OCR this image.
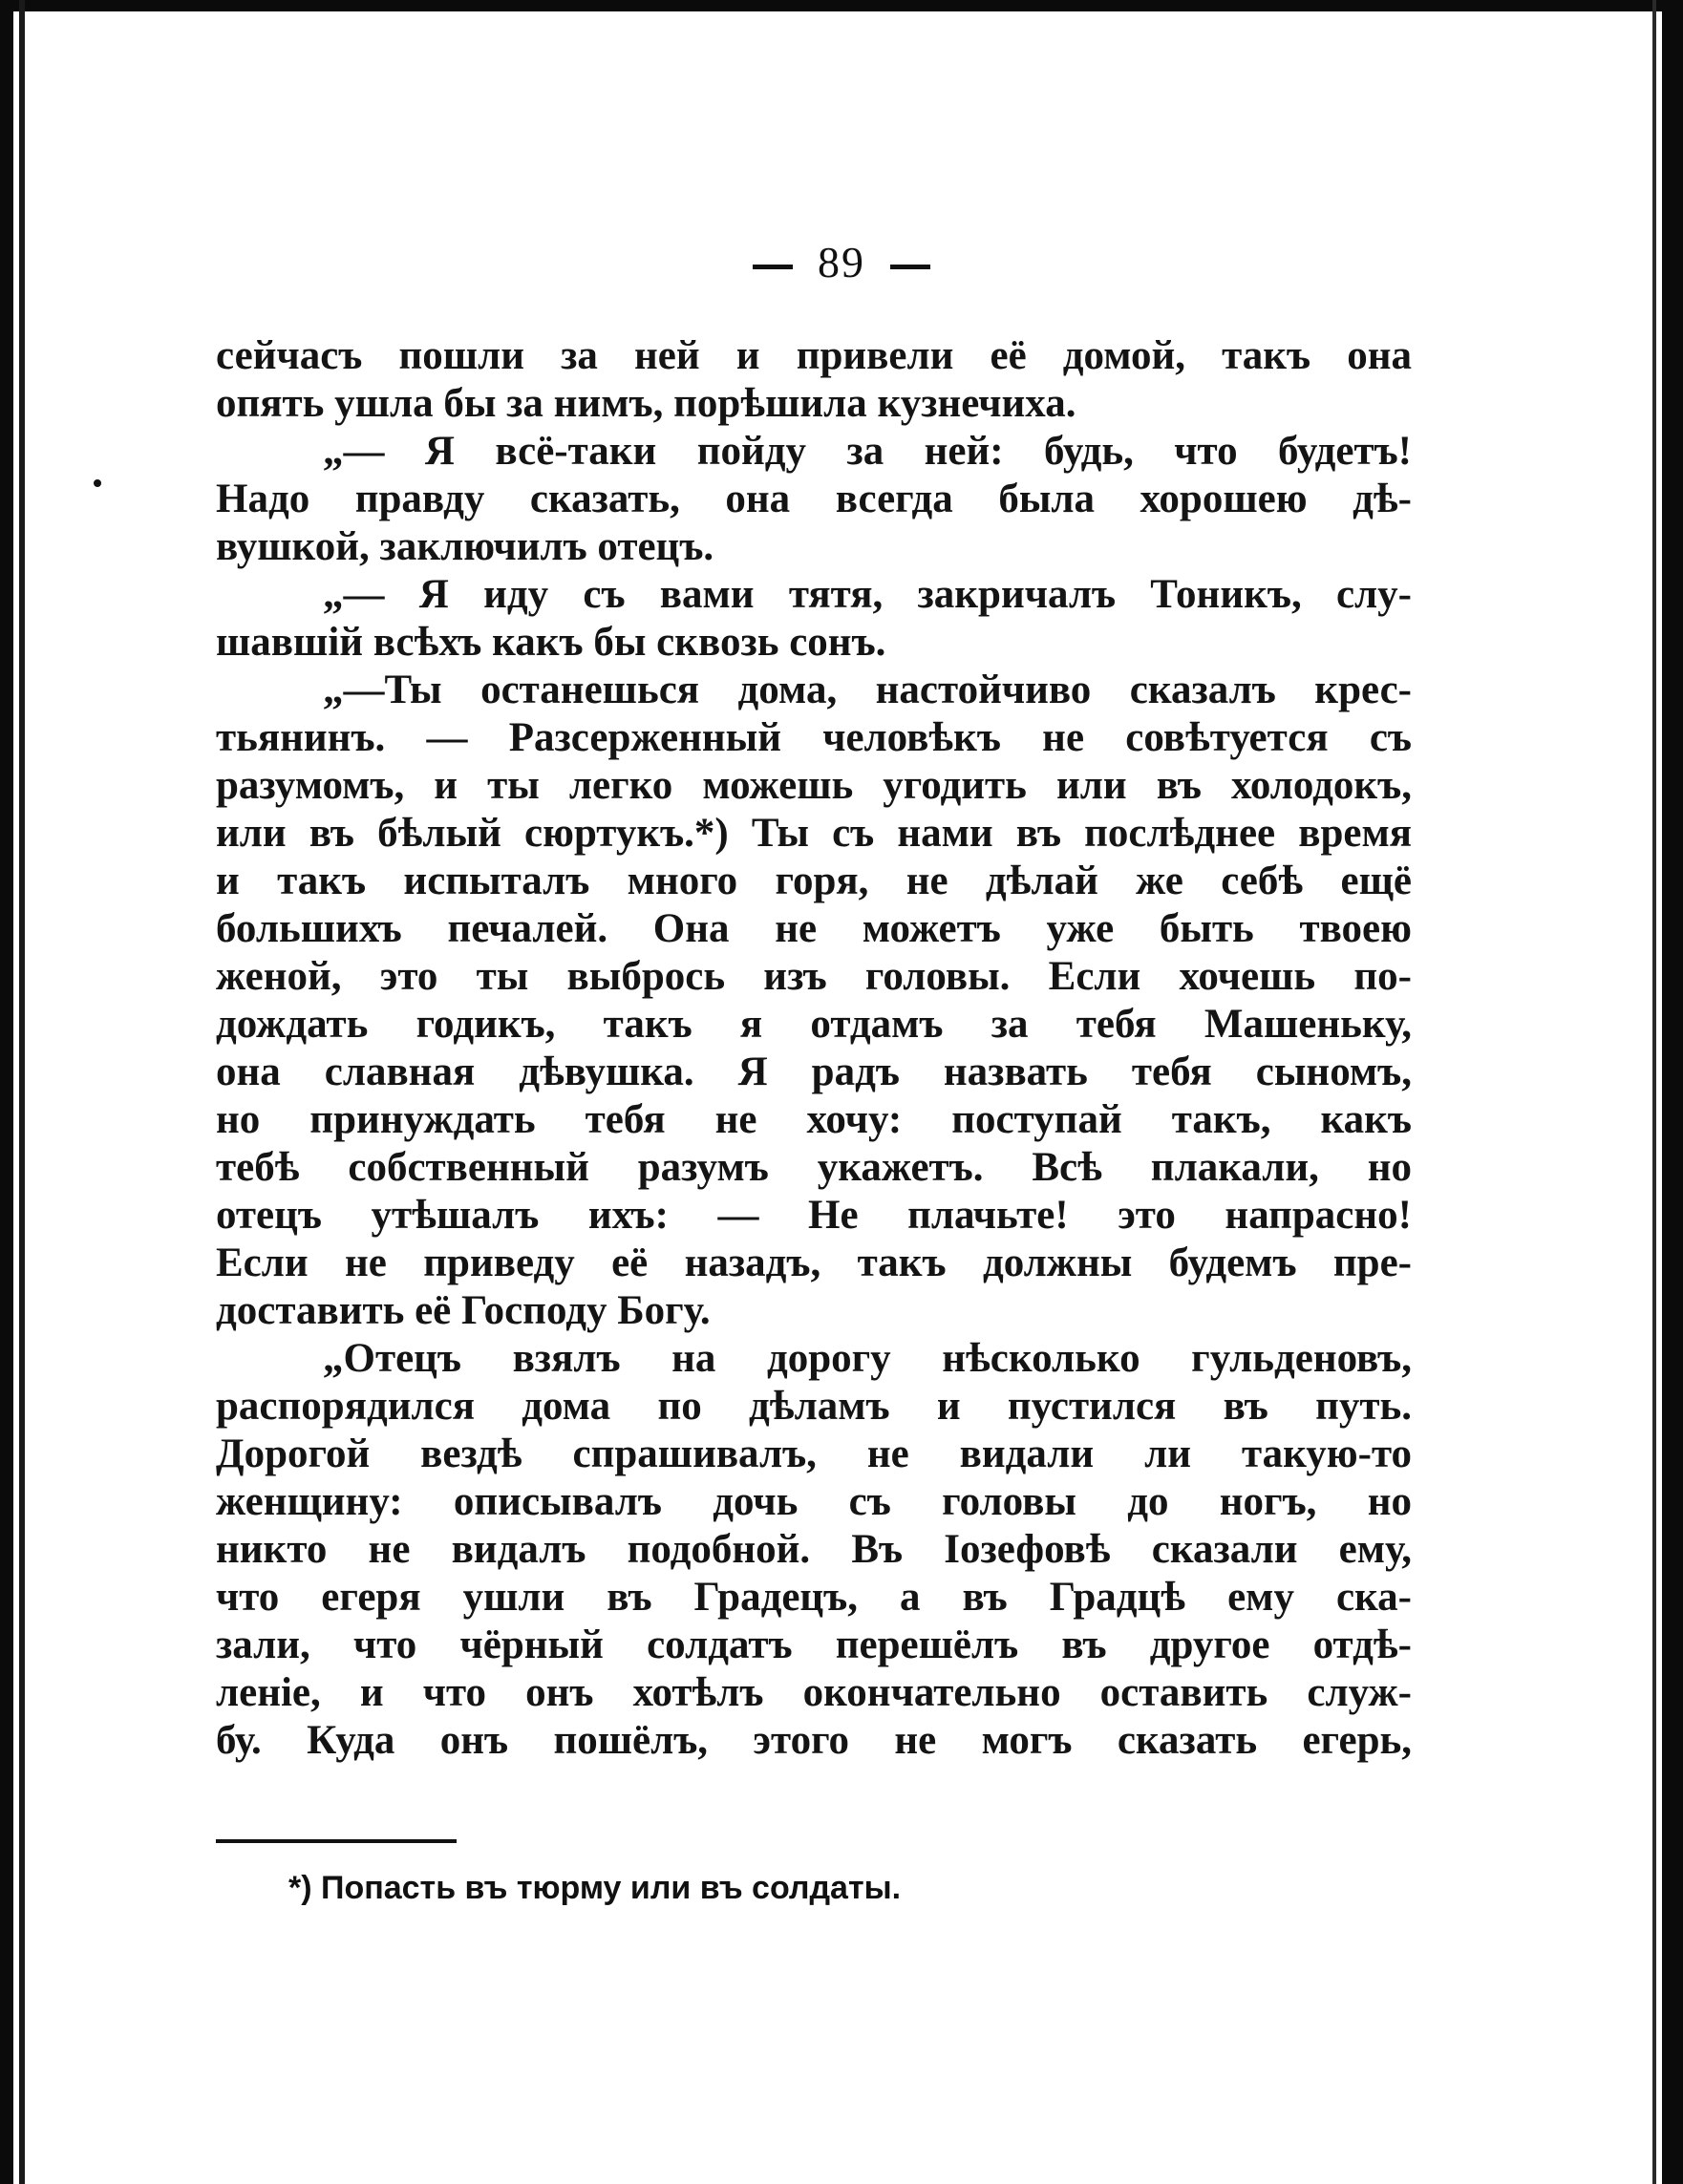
89
сейчасъ пошли за ней и привели её домой, такъ она
опять ушла бы за нимъ, порѣшила кузнечиха.
„— Я всё-таки пойду за ней: будь, что будетъ!
Надо правду сказать, она всегда была хорошею дѣ-
вушкой, заключилъ отецъ.
„— Я иду съ вами тятя, закричалъ Тоникъ, слу-
шавшiй всѣхъ какъ бы сквозь сонъ.
„—Ты останешься дома, настойчиво сказалъ крес-
тьянинъ. — Разсерженный человѣкъ не совѣтуется съ
разумомъ, и ты легко можешь угодить или въ холодокъ,
или въ бѣлый сюртукъ.*) Ты съ нами въ послѣднее время
и такъ испыталъ много горя, не дѣлай же себѣ ещё
большихъ печалей. Она не можетъ уже быть твоею
женой, это ты выбрось изъ головы. Если хочешь по-
дождать годикъ, такъ я отдамъ за тебя Машеньку,
она славная дѣвушка. Я радъ назвать тебя сыномъ,
но принуждать тебя не хочу: поступай такъ, какъ
тебѣ собственный разумъ укажетъ. Всѣ плакали, но
отецъ утѣшалъ ихъ: — Не плачьте! это напрасно!
Если не приведу её назадъ, такъ должны будемъ пре-
доставить её Господу Богу.
„Отецъ взялъ на дорогу нѣсколько гульденовъ,
распорядился дома по дѣламъ и пустился въ путь.
Дорогой вездѣ спрашивалъ, не видали ли такую-то
женщину: описывалъ дочь съ головы до ногъ, но
никто не видалъ подобной. Въ Iозефовѣ сказали ему,
что егеря ушли въ Градецъ, а въ Градцѣ ему ска-
зали, что чёрный солдатъ перешёлъ въ другое отдѣ-
ленiе, и что онъ хотѣлъ окончательно оставить служ-
бу. Куда онъ пошёлъ, этого не могъ сказать егерь,
*) Попасть въ тюрму или въ солдаты.
